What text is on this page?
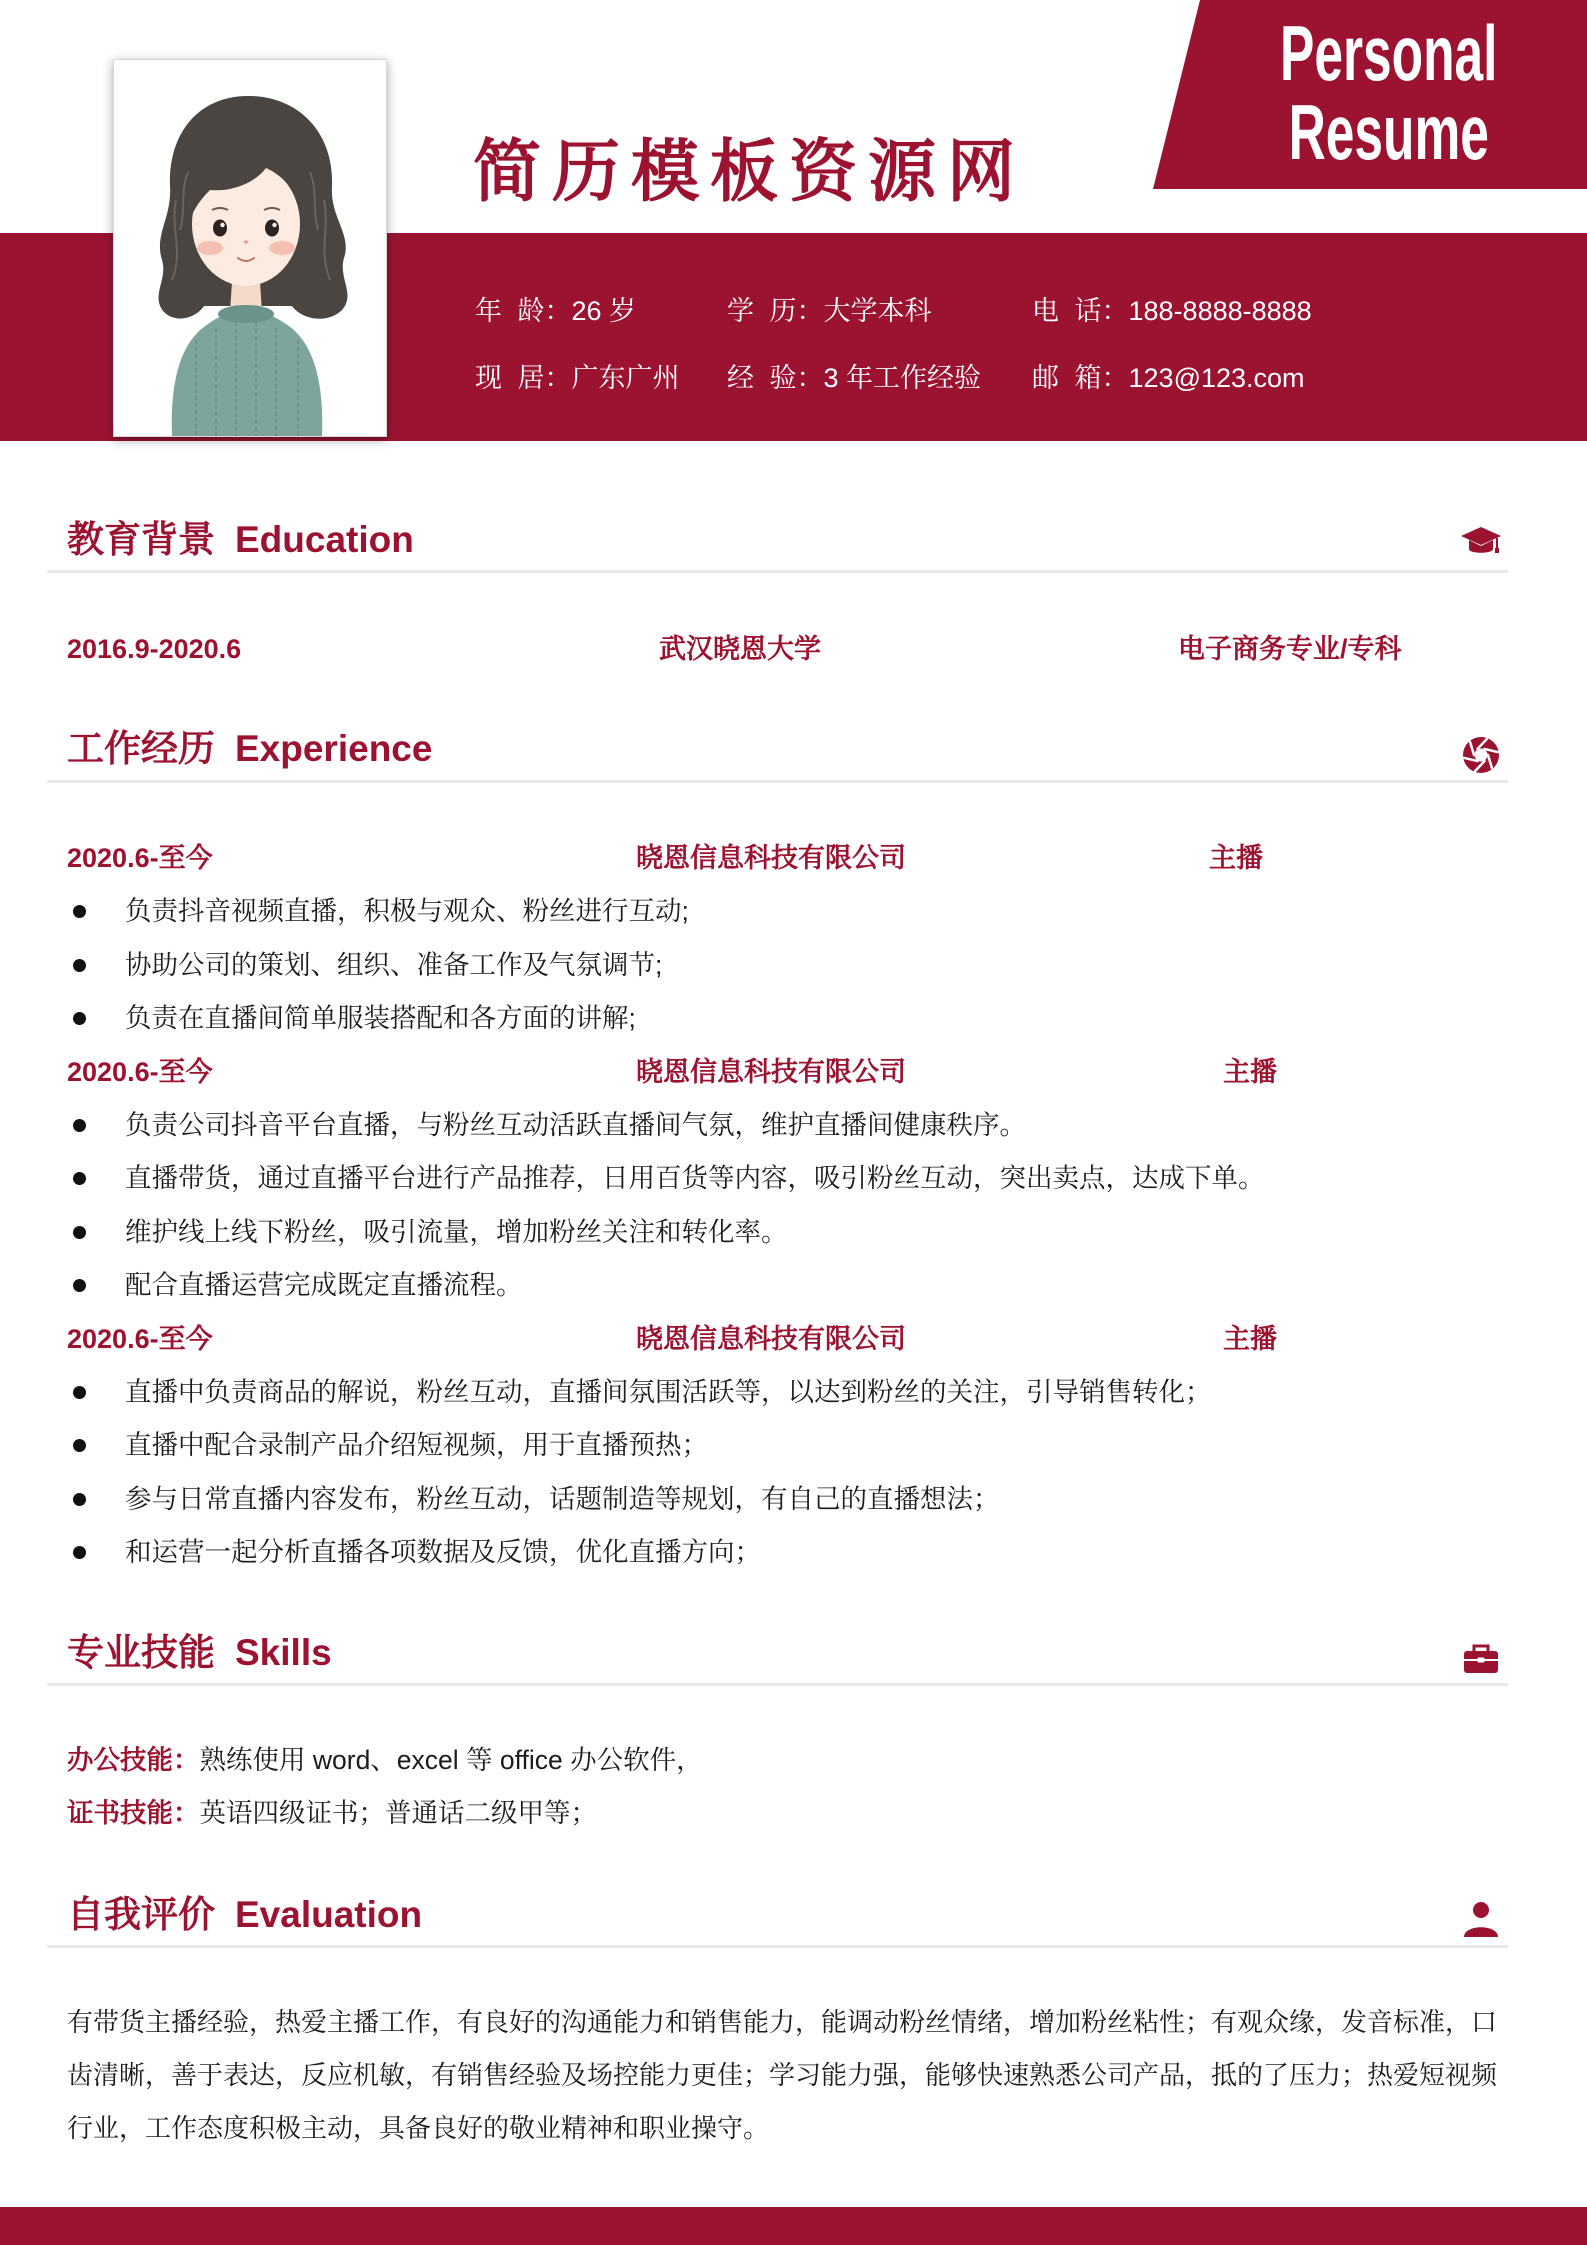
Personal
Resume
简历模板资源网
年 龄：26 岁	学 历：大学本科	电 话：188-8888-8888
现 居：广东广州 经 验：3 年工作经验 邮 箱：123@123.com
教育背景 Education
2016.9-2020.6	武汉晓恩大学	电子商务专业/专科
工作经历 Experience
2020.6-至今	晓恩信息科技有限公司	主播
负责抖音视频直播，积极与观众、粉丝进行互动;
协助公司的策划、组织、准备工作及气氛调节;
负责在直播间简单服装搭配和各方面的讲解;
2020.6-至今	晓恩信息科技有限公司	主播
负责公司抖音平台直播，与粉丝互动活跃直播间气氛，维护直播间健康秩序。
直播带货，通过直播平台进行产品推荐，日用百货等内容，吸引粉丝互动，突出卖点，达成下单。
维护线上线下粉丝，吸引流量，增加粉丝关注和转化率。
配合直播运营完成既定直播流程。
2020.6-至今	晓恩信息科技有限公司	主播
直播中负责商品的解说，粉丝互动，直播间氛围活跃等，以达到粉丝的关注，引导销售转化；
直播中配合录制产品介绍短视频，用于直播预热；
参与日常直播内容发布，粉丝互动，话题制造等规划，有自己的直播想法；
和运营一起分析直播各项数据及反馈，优化直播方向；
专业技能 Skills
办公技能：熟练使用 word、excel 等 office 办公软件，
证书技能：英语四级证书；普通话二级甲等；
自我评价 Evaluation

有带货主播经验，热爱主播工作，有良好的沟通能力和销售能力，能调动粉丝情绪，增加粉丝粘性；有观众缘，发音标准，口齿清晰，善于表达，反应机敏，有销售经验及场控能力更佳；学习能力强，能够快速熟悉公司产品，抵的了压力；热爱短视频行业，工作态度积极主动，具备良好的敬业精神和职业操守。
